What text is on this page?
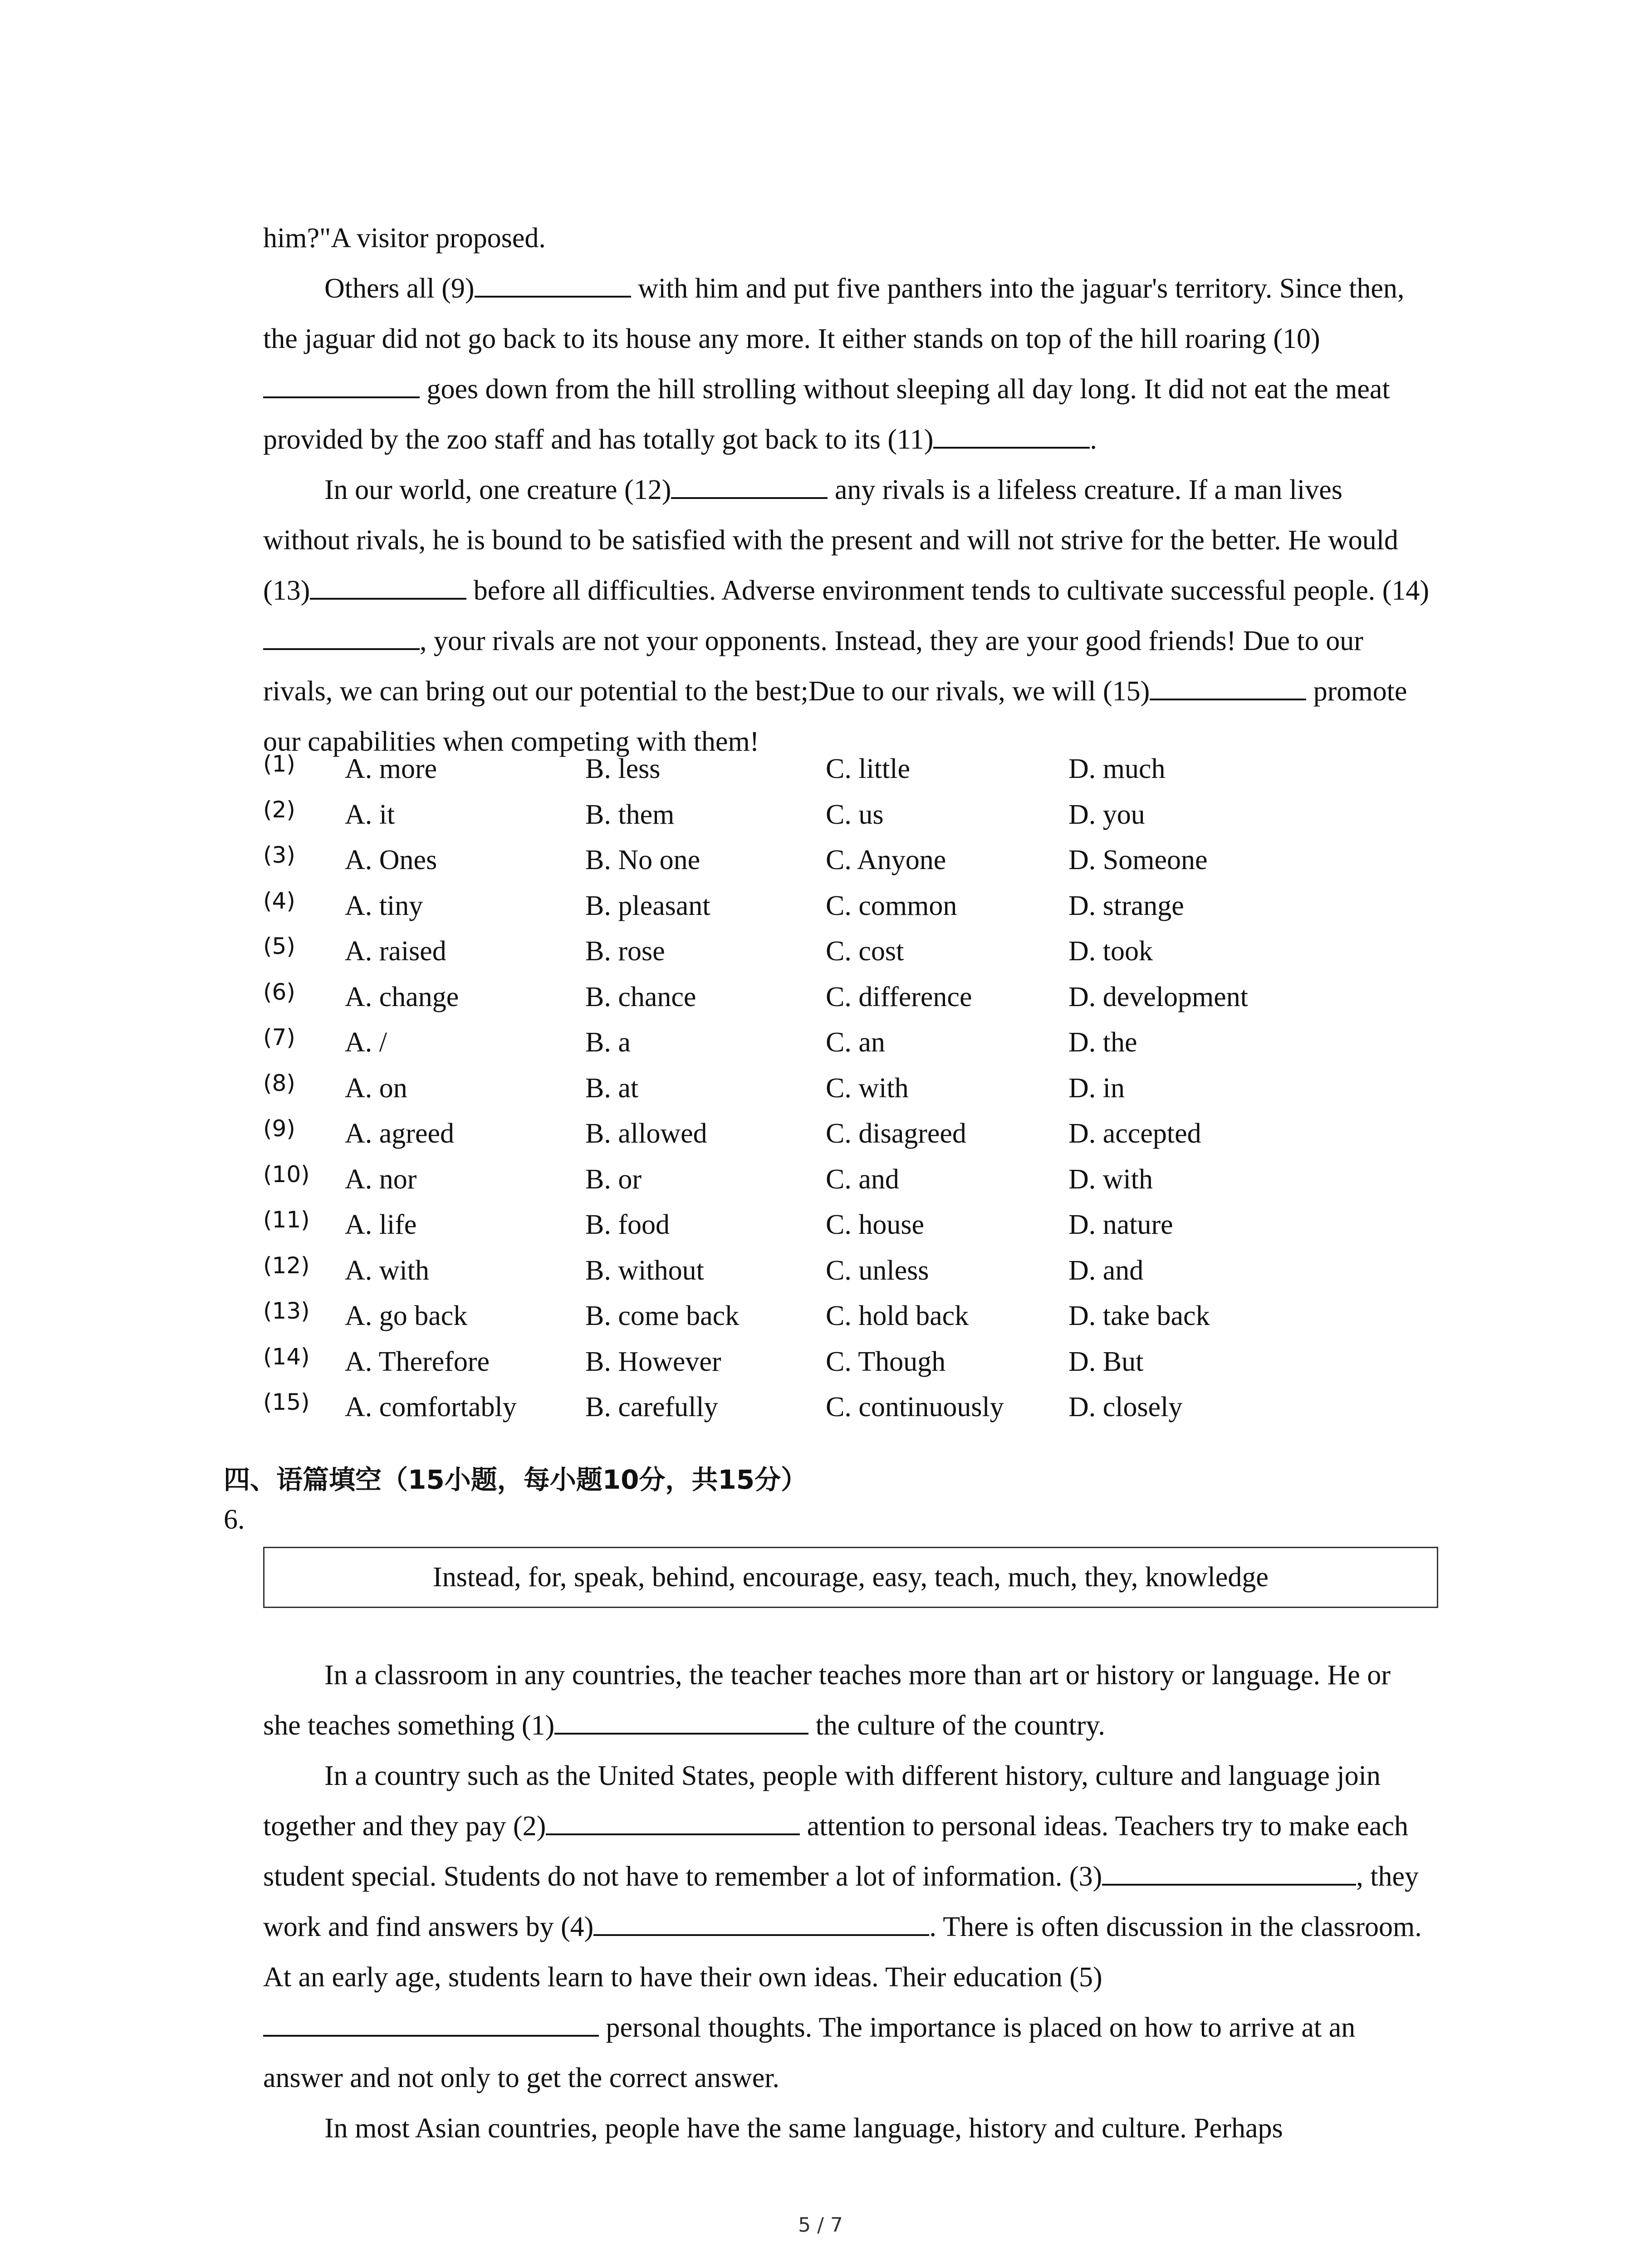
him?"A visitor proposed.

Others all (9)	with him and put five panthers into the jaguar's territory. Since then, the jaguar did not go back to its house any more. It either stands on top of the hill roaring (10) goes down from the hill strolling without sleeping all day long. It did not eat the meat provided by the zoo staff and has totally got back to its (11)	.

In our world, one creature (12)	any rivals is a lifeless creature. If a man lives without rivals, he is bound to be satisfied with the present and will not strive for the better. He would (13)	before all difficulties. Adverse environment tends to cultivate successful people. (14), your rivals are not your opponents. Instead, they are your good friends! Due to our rivals, we can bring out our potential to the best;Due to our rivals, we will (15)	promote our capabilities when competing with them!

(1) A. more	B. less	C. little	D. much
(2) A. it	B. them	C. us	D. you
(3) A. Ones	B. No one	C. Anyone	D. Someone
(4) A. tiny	B. pleasant	C. common	D. strange
(5) A. raised	B. rose	C. cost	D. took
(6) A. change	B. chance	C. difference	D. development
(7) A. /	B. a	C. an	D. the
(8) A. on	B. at	C. with	D. in
(9) A. agreed	B. allowed	C. disagreed	D. accepted
(10) A. nor	B. or	C. and	D. with
(11) A. life	B. food	C. house	D. nature
(12) A. with	B. without	C. unless	D. and
(13) A. go back	B. come back	C. hold back	D. take back
(14) A. Therefore	B. However	C. Though	D. But
(15) A. comfortably B. carefully	C. continuously D. closely
四、语篇填空（15小题，每小题10分，共15分）
6.
Instead, for, speak, behind, encourage, easy, teach, much, they, knowledge

In a classroom in any countries, the teacher teaches more than art or history or language. He or she teaches something (1)	the culture of the country.

In a country such as the United States, people with different history, culture and language join together and they pay (2)	attention to personal ideas. Teachers try to make each student special. Students do not have to remember a lot of information. (3)	, they work and find answers by (4)	. There is often discussion in the classroom. At an early age, students learn to have their own ideas. Their education (5) personal thoughts. The importance is placed on how to arrive at an answer and not only to get the correct answer.

In most Asian countries, people have the same language, history and culture. Perhaps

5 / 7
